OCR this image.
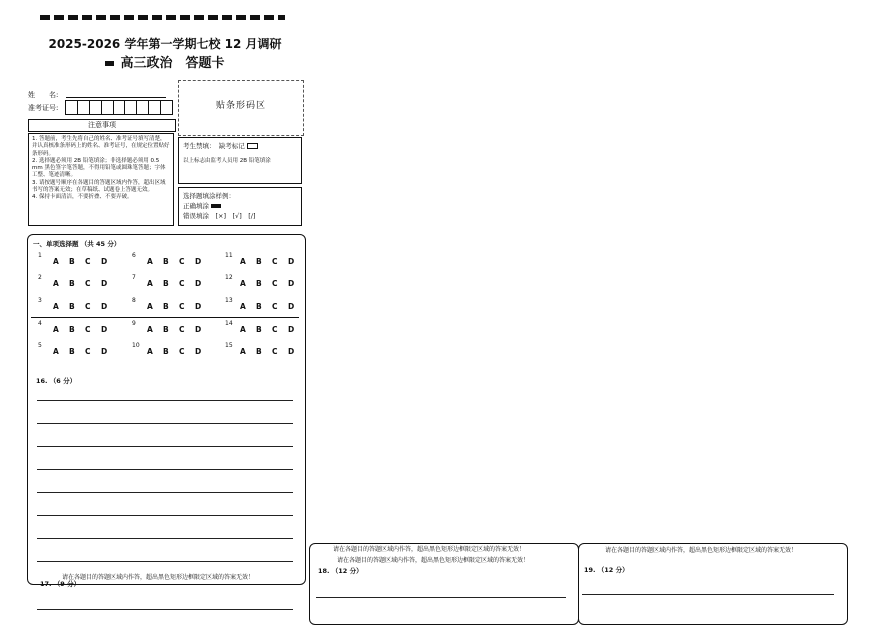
2025-2026 学年第一学期七校 12 月调研
高三政治　答题卡
姓　　名:
准考证号:
注意事项
1. 答题前，考生先将自己的姓名、准考证号填写清楚，并认真核准条形码上的姓名、准考证号，在规定位置贴好条形码。
2. 选择题必须用 2B 铅笔填涂；非选择题必须用 0.5 mm 黑色签字笔答题，不得用铅笔或圆珠笔答题；字体工整、笔迹清晰。
3. 请按题号顺序在各题目的答题区域内作答，超出区域书写的答案无效；在草稿纸、试题卷上答题无效。
4. 保持卡面清洁，不要折叠、不要弄破。
贴条形码区
考生禁填：　缺考标记
以上标志由监考人员用 2B 铅笔填涂
选择题填涂样例：
正确填涂
错误填涂　[×]　[√]　[/]
一、单项选择题 （共 45 分）
1
A	B	C	D
2
A	B	C	D
3
A	B	C	D
4
A	B	C	D
5
A	B	C	D
6
A	B	C	D
7
A	B	C	D
8
A	B	C	D
9
A	B	C	D
10
A	B	C	D
11
A	B	C	D
12
A	B	C	D
13
A	B	C	D
14
A	B	C	D
15
A	B	C	D
16. （6 分）
请在各题目的答题区域内作答，超出黑色矩形边框限定区域的答案无效！
17. （9 分）
请在各题目的答题区域内作答，超出黑色矩形边框限定区域的答案无效！
请在各题目的答题区域内作答，超出黑色矩形边框限定区域的答案无效！
18. （12 分）
请在各题目的答题区域内作答，超出黑色矩形边框限定区域的答案无效！
19. （12 分）
